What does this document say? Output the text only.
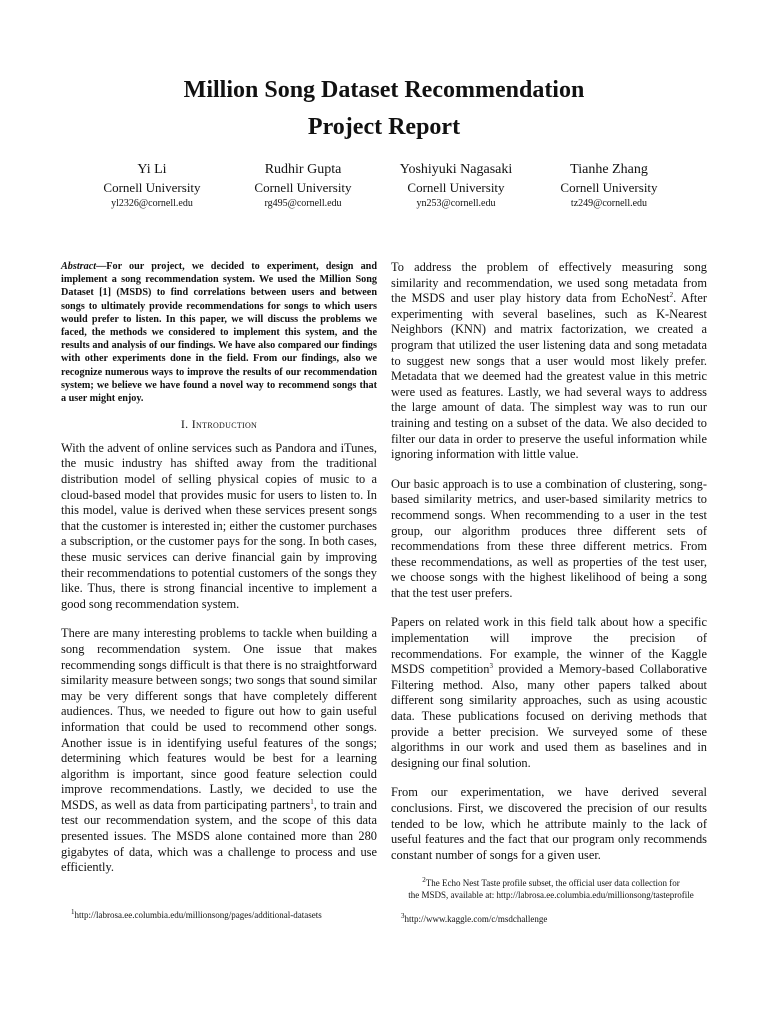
Million Song Dataset Recommendation
Project Report
Yi Li
Cornell University
yl2326@cornell.edu
Rudhir Gupta
Cornell University
rg495@cornell.edu
Yoshiyuki Nagasaki
Cornell University
yn253@cornell.edu
Tianhe Zhang
Cornell University
tz249@cornell.edu

Abstract—For our project, we decided to experiment, design and implement a song recommendation system. We used the Million Song Dataset [1] (MSDS) to find correlations between users and between songs to ultimately provide recommendations for songs to which users would prefer to listen. In this paper, we will discuss the problems we faced, the methods we considered to implement this system, and the results and analysis of our findings. We have also compared our findings with other experiments done in the field. From our findings, also we recognize numerous ways to improve the results of our recommendation system; we believe we have found a novel way to recommend songs that a user might enjoy.

I. Introduction

With the advent of online services such as Pandora and iTunes, the music industry has shifted away from the traditional distribution model of selling physical copies of music to a cloud-based model that provides music for users to listen to. In this model, value is derived when these services present songs that the customer is interested in; either the customer purchases a subscription, or the customer pays for the song. In both cases, these music services can derive financial gain by improving their recommendations to potential customers of the songs they like. Thus, there is strong financial incentive to implement a good song recommendation system.

There are many interesting problems to tackle when building a song recommendation system. One issue that makes recommending songs difficult is that there is no straightforward similarity measure between songs; two songs that sound similar may be very different songs that have completely different audiences. Thus, we needed to figure out how to gain useful information that could be used to recommend other songs. Another issue is in identifying useful features of the songs; determining which features would be best for a learning algorithm is important, since good feature selection could improve recommendations. Lastly, we decided to use the MSDS, as well as data from participating partners$^1$, to train and test our recommendation system, and the scope of this data presented issues. The MSDS alone contained more than 280 gigabytes of data, which was a challenge to process and use efficiently.

To address the problem of effectively measuring song similarity and recommendation, we used song metadata from the MSDS and user play history data from EchoNest$^2$. After experimenting with several baselines, such as K-Nearest Neighbors (KNN) and matrix factorization, we created a program that utilized the user listening data and song metadata to suggest new songs that a user would most likely prefer. Metadata that we deemed had the greatest value in this metric were used as features. Lastly, we had several ways to address the large amount of data. The simplest way was to run our training and testing on a subset of the data. We also decided to filter our data in order to preserve the useful information while ignoring information with little value.

Our basic approach is to use a combination of clustering, song-based similarity metrics, and user-based similarity metrics to recommend songs. When recommending to a user in the test group, our algorithm produces three different sets of recommendations from these three different metrics. From these recommendations, as well as properties of the test user, we choose songs with the highest likelihood of being a song that the test user prefers.

Papers on related work in this field talk about how a specific implementation will improve the precision of recommendations. For example, the winner of the Kaggle MSDS competition$^3$ provided a Memory-based Collaborative Filtering method. Also, many other papers talked about different song similarity approaches, such as using acoustic data. These publications focused on deriving methods that provide a better precision. We surveyed some of these algorithms in our work and used them as baselines and in designing our final solution.

From our experimentation, we have derived several conclusions. First, we discovered the precision of our results tended to be low, which he attribute mainly to the lack of useful features and the fact that our program only recommends constant number of songs for a given user.

$^2$The Echo Nest Taste profile subset, the official user data collection for
the MSDS, available at: http://labrosa.ee.columbia.edu/millionsong/tasteprofile
$^1$http://labrosa.ee.columbia.edu/millionsong/pages/additional-datasets	$^3$http://www.kaggle.com/c/msdchallenge
